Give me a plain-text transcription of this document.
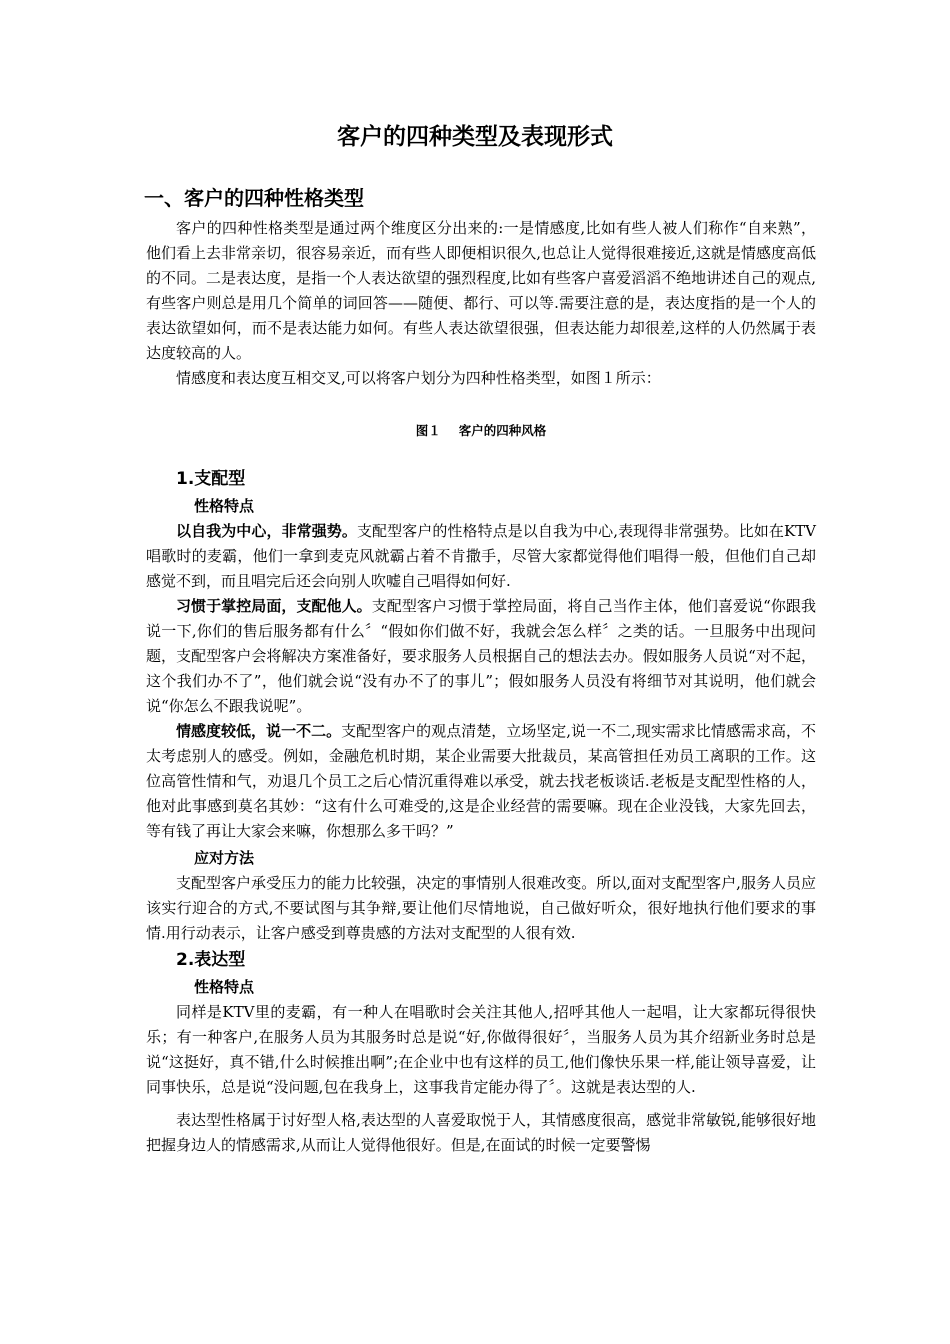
客户的四种类型及表现形式
一、客户的四种性格类型

客户的四种性格类型是通过两个维度区分出来的:一是情感度,比如有些人被人们称作“自来熟”，他们看上去非常亲切，很容易亲近，而有些人即便相识很久,也总让人觉得很难接近,这就是情感度高低的不同。二是表达度，是指一个人表达欲望的强烈程度,比如有些客户喜爱滔滔不绝地讲述自己的观点,有些客户则总是用几个简单的词回答——随便、都行、可以等.需要注意的是，表达度指的是一个人的表达欲望如何，而不是表达能力如何。有些人表达欲望很强，但表达能力却很差,这样的人仍然属于表达度较高的人。

情感度和表达度互相交叉,可以将客户划分为四种性格类型，如图１所示：

图１ 客户的四种风格
1.支配型
性格特点

以自我为中心，非常强势。支配型客户的性格特点是以自我为中心,表现得非常强势。比如在KTV唱歌时的麦霸，他们一拿到麦克风就霸占着不肯撒手，尽管大家都觉得他们唱得一般，但他们自己却感觉不到，而且唱完后还会向别人吹嘘自己唱得如何好.

习惯于掌控局面，支配他人。支配型客户习惯于掌控局面，将自己当作主体，他们喜爱说“你跟我说一下,你们的售后服务都有什么〞“假如你们做不好，我就会怎么样〞之类的话。一旦服务中出现问题，支配型客户会将解决方案准备好，要求服务人员根据自己的想法去办。假如服务人员说“对不起，这个我们办不了”，他们就会说“没有办不了的事儿”；假如服务人员没有将细节对其说明，他们就会说“你怎么不跟我说呢”。

情感度较低，说一不二。支配型客户的观点清楚，立场坚定,说一不二,现实需求比情感需求高，不太考虑别人的感受。例如，金融危机时期，某企业需要大批裁员，某高管担任劝员工离职的工作。这位高管性情和气，劝退几个员工之后心情沉重得难以承受，就去找老板谈话.老板是支配型性格的人，他对此事感到莫名其妙：“这有什么可难受的,这是企业经营的需要嘛。现在企业没钱，大家先回去，等有钱了再让大家会来嘛，你想那么多干吗？”

应对方法

支配型客户承受压力的能力比较强，决定的事情别人很难改变。所以,面对支配型客户,服务人员应该实行迎合的方式,不要试图与其争辩,要让他们尽情地说，自己做好听众，很好地执行他们要求的事情.用行动表示，让客户感受到尊贵感的方法对支配型的人很有效.

2.表达型
性格特点

同样是KTV里的麦霸，有一种人在唱歌时会关注其他人,招呼其他人一起唱，让大家都玩得很快乐；有一种客户,在服务人员为其服务时总是说“好,你做得很好〞，当服务人员为其介绍新业务时总是说“这挺好，真不错,什么时候推出啊”;在企业中也有这样的员工,他们像快乐果一样,能让领导喜爱，让同事快乐，总是说“没问题,包在我身上，这事我肯定能办得了〞。这就是表达型的人.

表达型性格属于讨好型人格,表达型的人喜爱取悦于人，其情感度很高，感觉非常敏锐,能够很好地把握身边人的情感需求,从而让人觉得他很好。但是,在面试的时候一定要警惕
